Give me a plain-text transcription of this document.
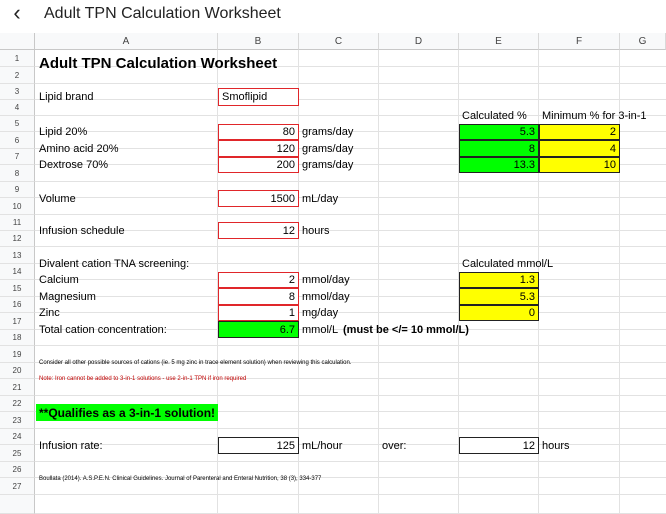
‹	Adult TPN Calculation Worksheet
A	B	C	D	E	F	G
1
2
3
4
5
6
7
8
9
10
11
12
13
14
15
16
17
18
19
20
21
22
23
24
25
26
27
Adult TPN Calculation Worksheet
Lipid brand	Smoflipid
Calculated % Minimum % for 3-in-1
Lipid 20%	80 grams/day	5.3	2
Amino acid 20%	120 grams/day	8	4
Dextrose 70%	200 grams/day	13.3	10
Volume	1500 mL/day
Infusion schedule	12 hours
Divalent cation TNA screening:	Calculated mmol/L
Calcium	2 mmol/day	1.3
Magnesium	8 mmol/day	5.3
Zinc	1 mg/day	0
Total cation concentration:	6.7 mmol/L (must be </= 10 mmol/L)
Consider all other possible sources of cations (ie. 5 mg zinc in trace element solution) when reviewing this calculation.
Note: Iron cannot be added to 3-in-1 solutions - use 2-in-1 TPN if iron required
**Qualifies as a 3-in-1 solution!
Infusion rate:	125 mL/hour	over:	12 hours
Boullata (2014). A.S.P.E.N. Clinical Guidelines. Journal of Parenteral and Enteral Nutrition, 38 (3), 334-377
